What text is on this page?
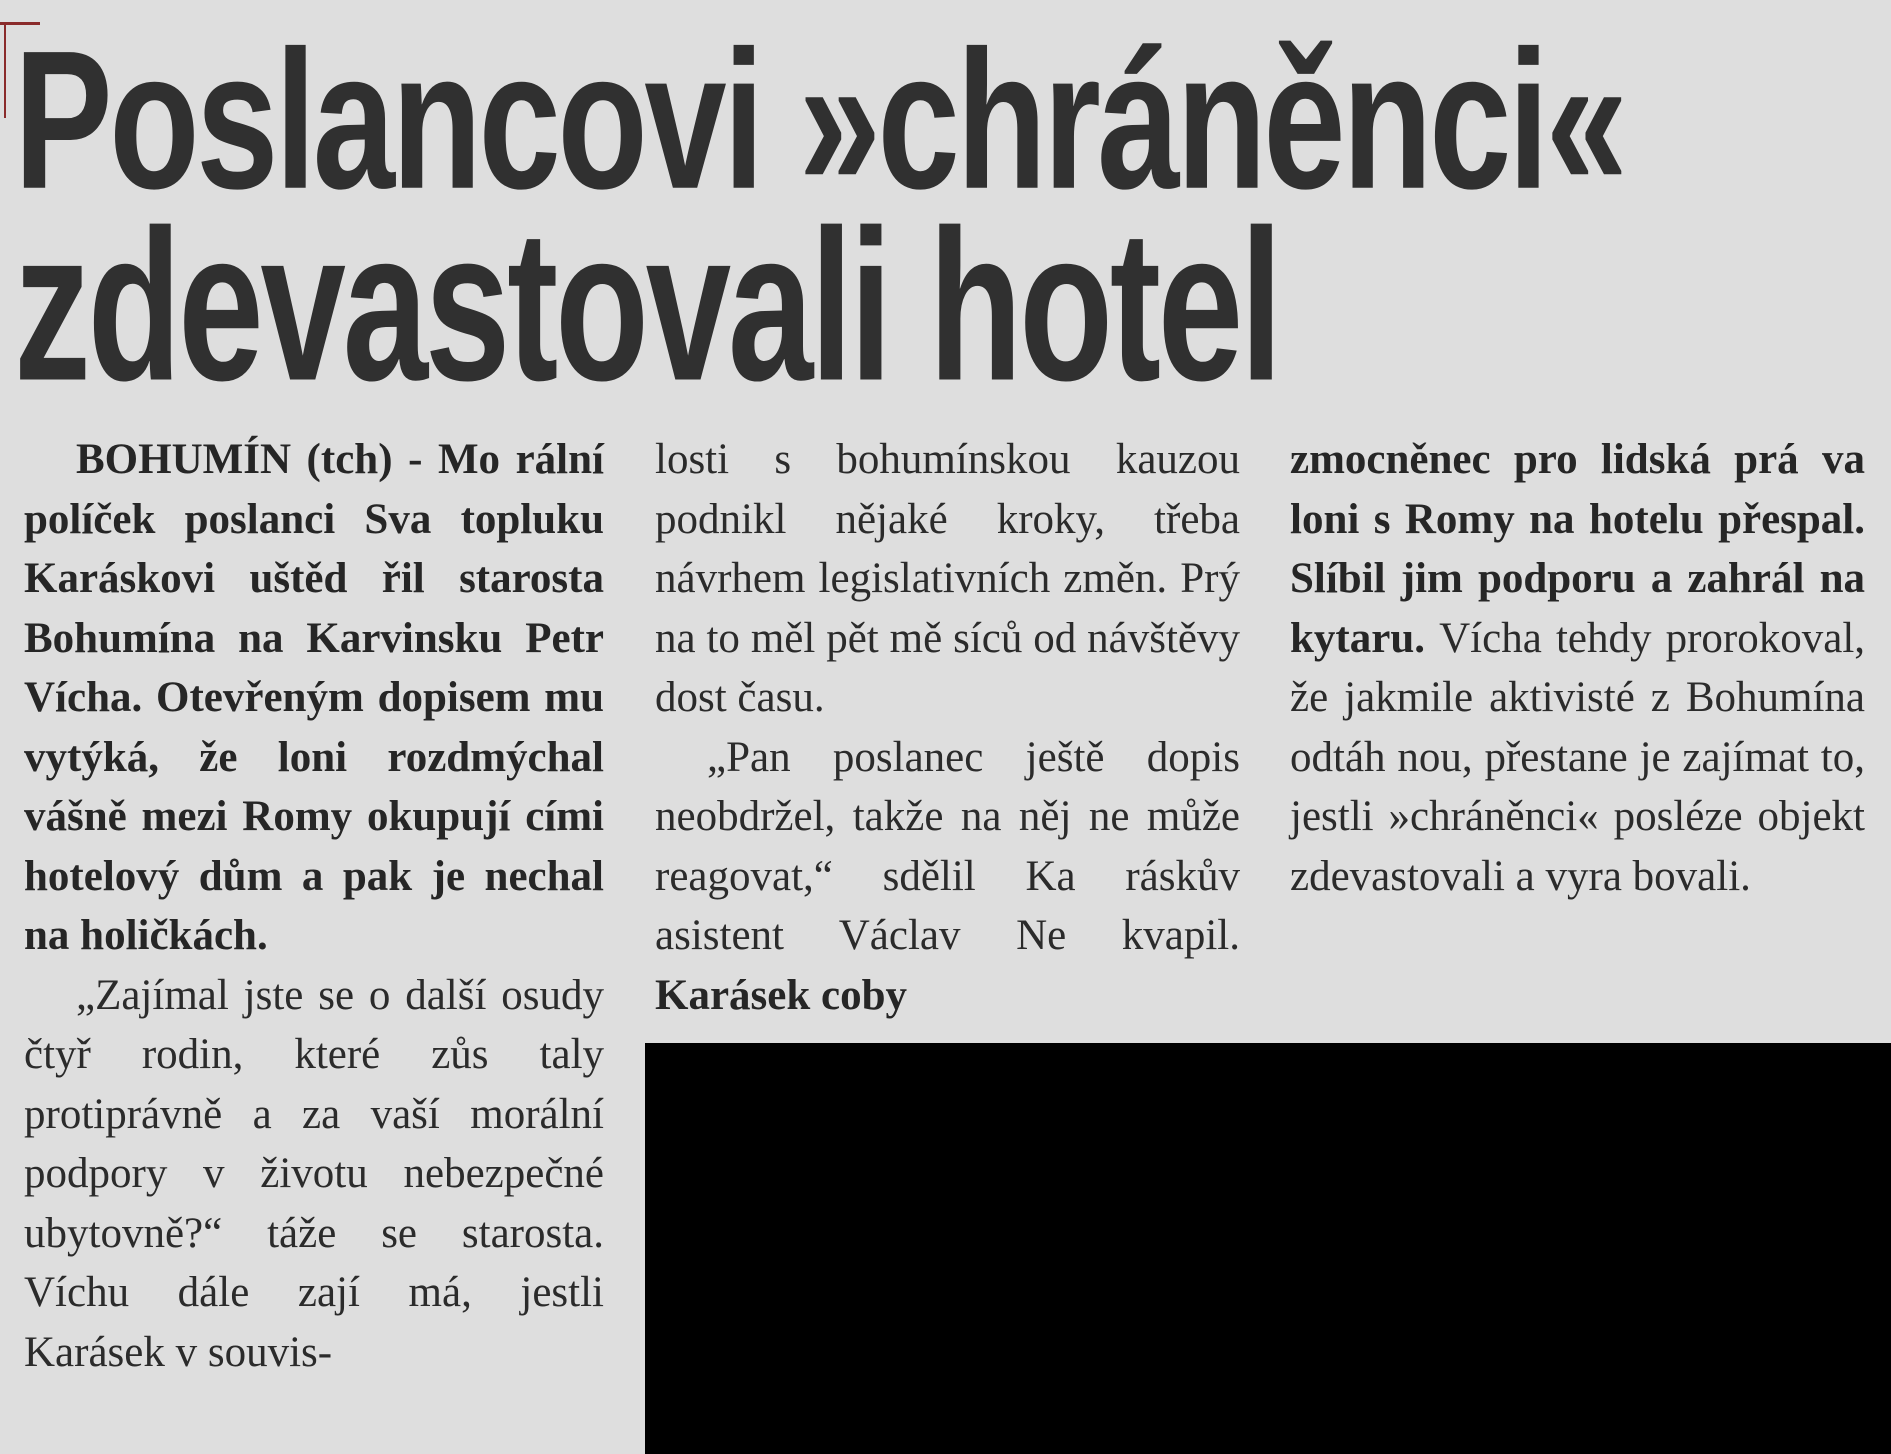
Poslancovi »chráněnci«
zdevastovali hotel

BOHUMÍN (tch) - Mo rální políček poslanci Sva topluku Karáskovi uštěd řil starosta Bohumína na Karvinsku Petr Vícha. Otevřeným dopisem mu vytýká, že loni rozdmýchal vášně mezi Romy okupují cími hotelový dům a pak je nechal na holičkách.

„Zajímal jste se o další osudy čtyř rodin, které zůs taly protiprávně a za vaší morální podpory v životu nebezpečné ubytovně?“ táže se starosta. Víchu dále zají má, jestli Karásek v souvis-

losti s bohumínskou kauzou podnikl nějaké kroky, třeba návrhem legislativních změn. Prý na to měl pět mě síců od návštěvy dost času.

„Pan poslanec ještě dopis neobdržel, takže na něj ne může reagovat,“ sdělil Ka ráskův asistent Václav Ne kvapil. Karásek coby

zmocněnec pro lidská prá va loni s Romy na hotelu přespal. Slíbil jim podporu a zahrál na kytaru. Vícha tehdy prorokoval, že jakmile aktivisté z Bohumína odtáh nou, přestane je zajímat to, jestli »chráněnci« posléze objekt zdevastovali a vyra bovali.
